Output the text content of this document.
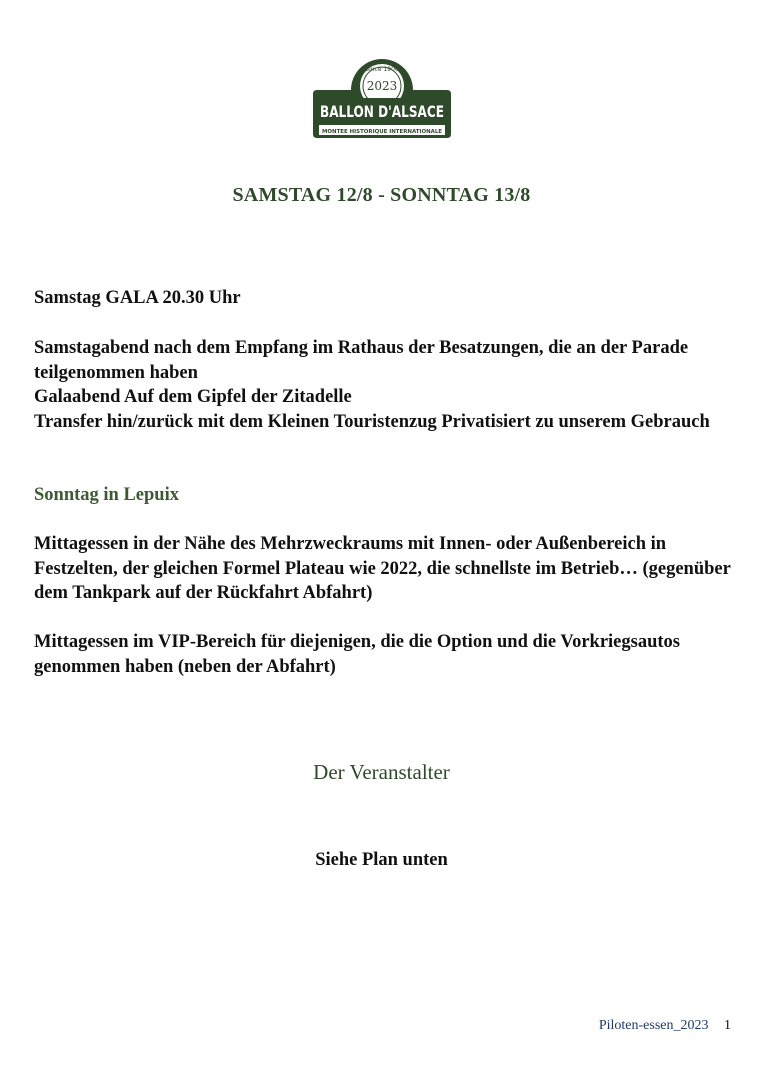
Since 1906
2023
BALLON D'ALSACE
MONTEE HISTORIQUE INTERNATIONALE
SAMSTAG 12/8 - SONNTAG 13/8
Samstag GALA 20.30 Uhr

Samstagabend nach dem Empfang im Rathaus der Besatzungen, die an der Parade teilgenommen haben

Galaabend Auf dem Gipfel der Zitadelle

Transfer hin/zurück mit dem Kleinen Touristenzug Privatisiert zu unserem Gebrauch

Sonntag in Lepuix
Mittagessen in der Nähe des Mehrzweckraums mit Innen- oder Außenbereich in Festzelten, der gleichen Formel Plateau wie 2022, die schnellste im Betrieb… (gegenüber dem Tankpark auf der Rückfahrt Abfahrt)
Mittagessen im VIP-Bereich für diejenigen, die die Option und die Vorkriegsautos genommen haben (neben der Abfahrt)
Der Veranstalter
Siehe Plan unten
Piloten-essen_2023 1
